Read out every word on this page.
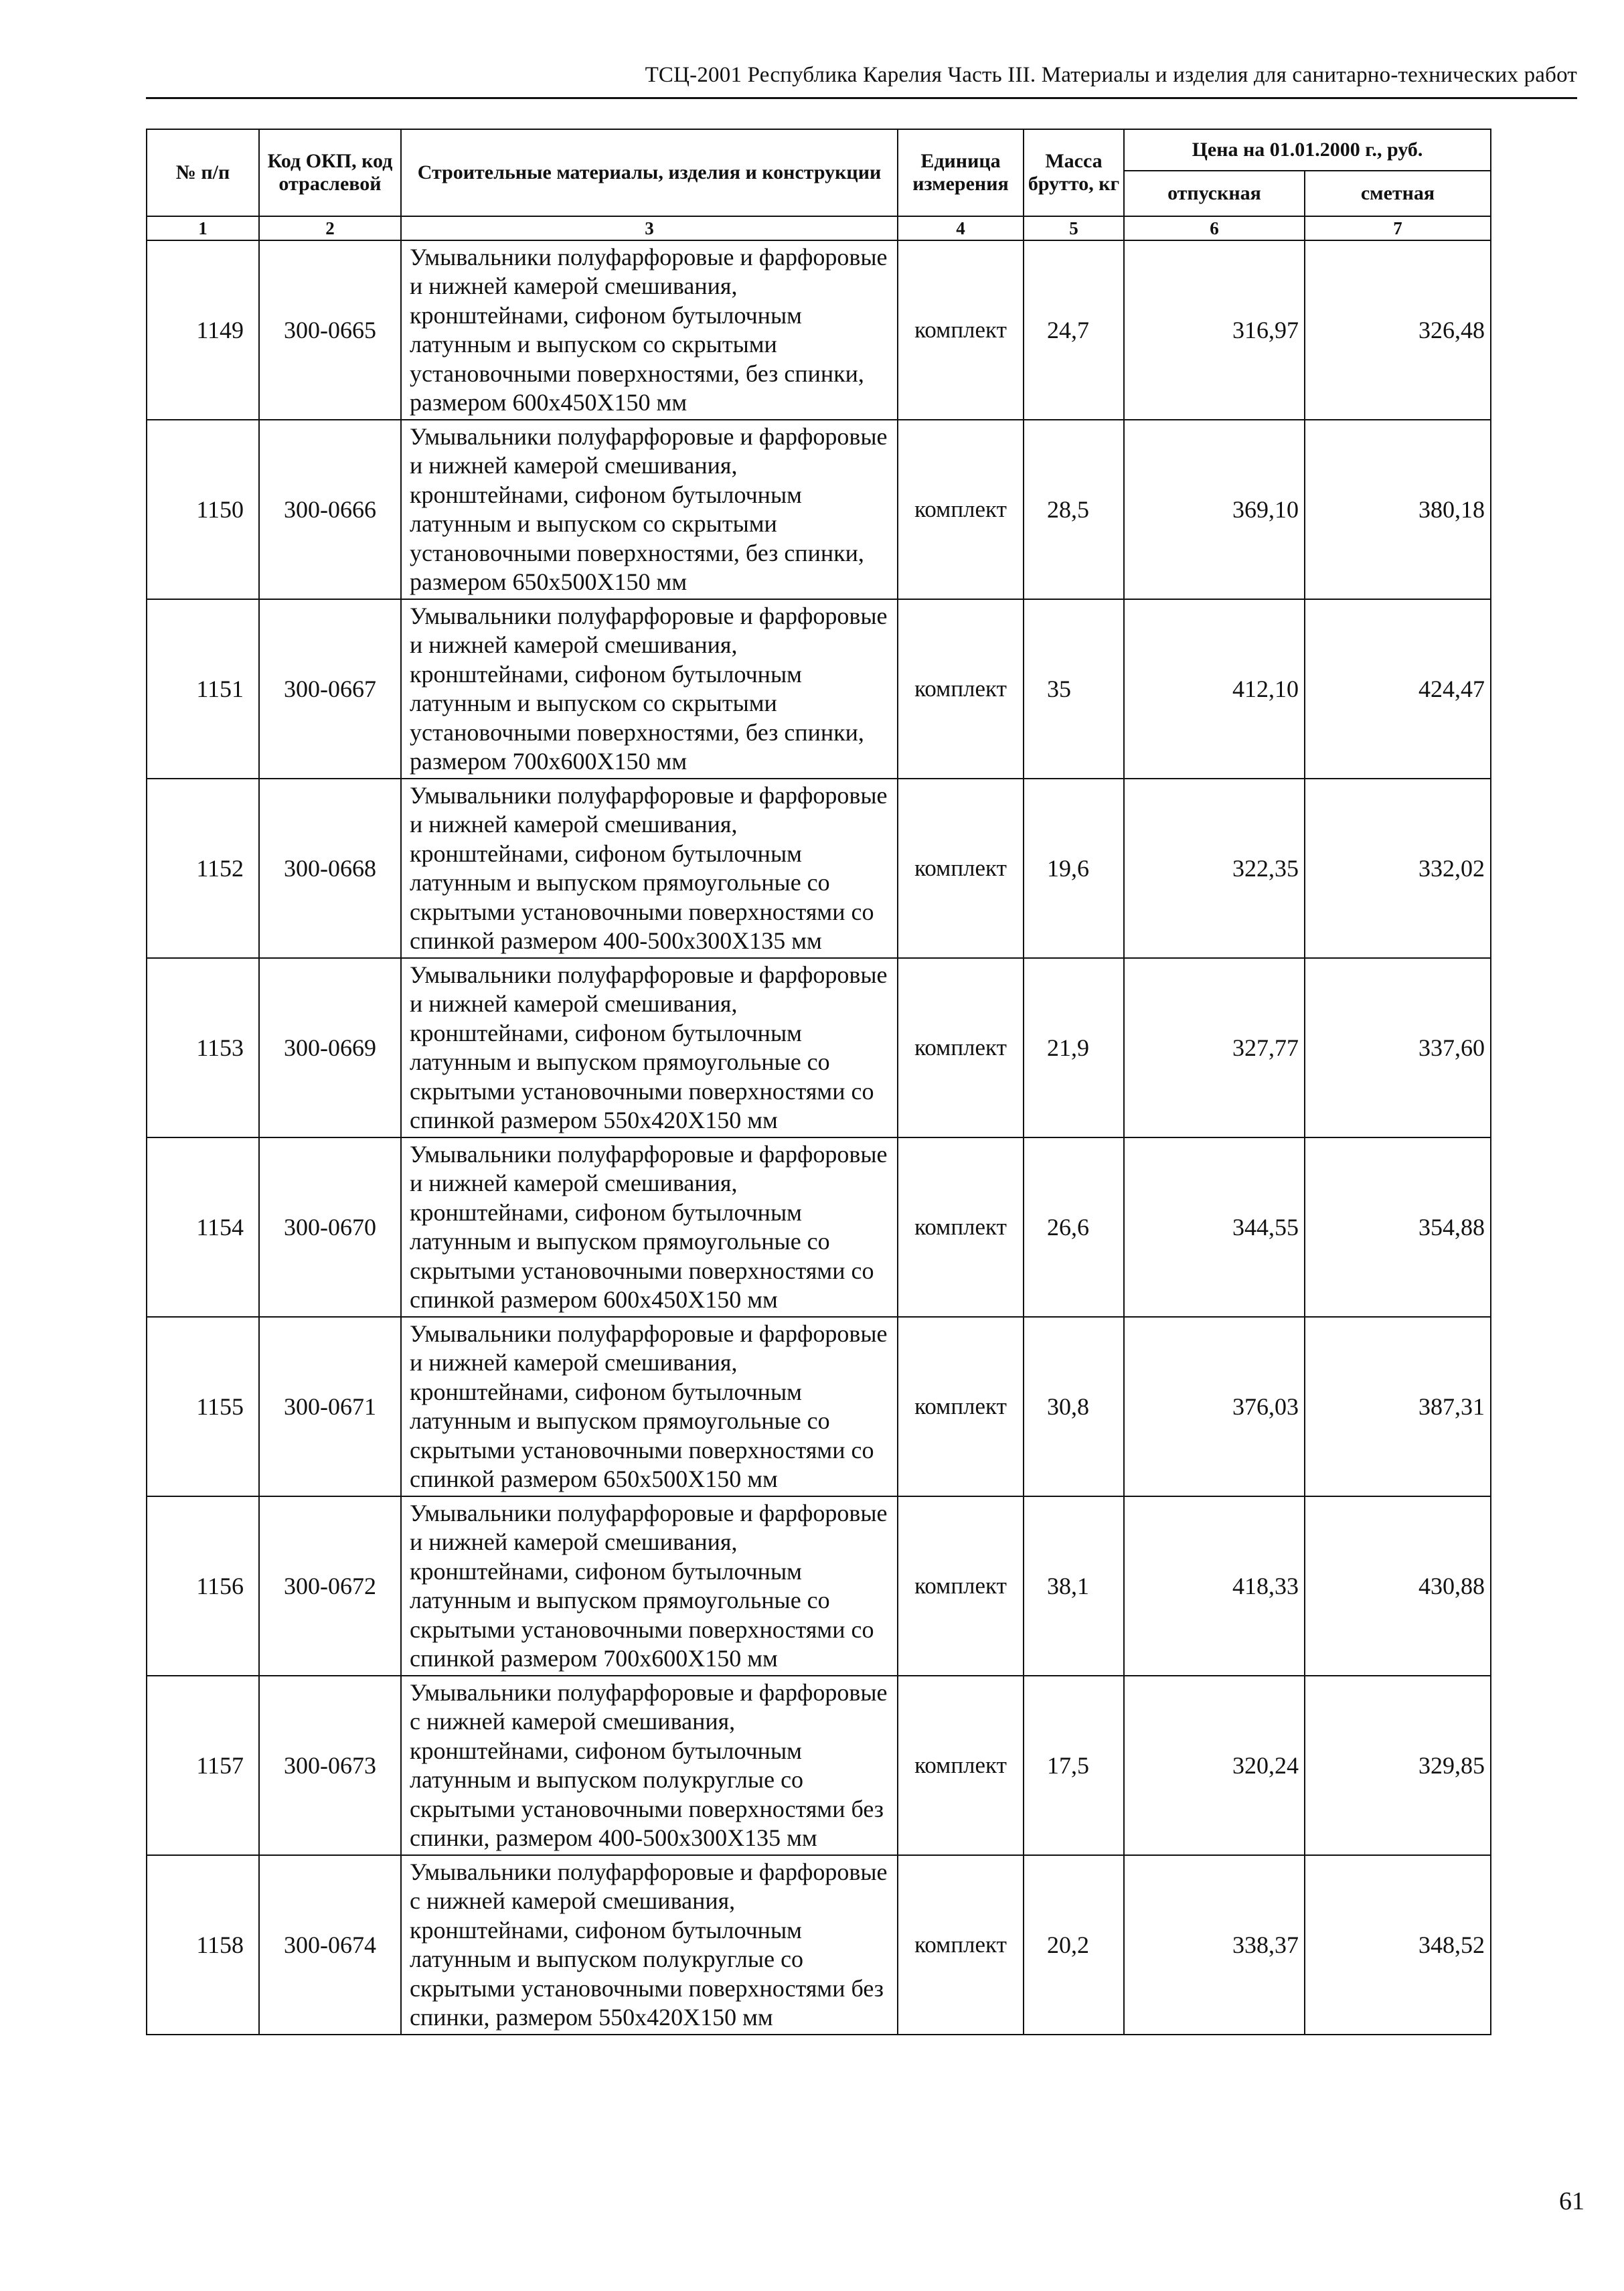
ТСЦ-2001 Республика Карелия Часть III. Материалы и изделия для санитарно-технических работ
№ п/п	Код ОКП, код отраслевой	Строительные материалы, изделия и конструкции	Единица измерения	Масса брутто, кг	Цена на 01.01.2000 г., руб.	
					отпускная	сметная
1	2	3	4	5	6	7
1149	300-0665	Умывальники полуфарфоровые и фарфоровые и нижней камерой смешивания, кронштейнами, сифоном бутылочным латунным и выпуском со скрытыми установочными поверхностями, без спинки, размером 600х450Х150 мм	комплект	24,7	316,97	326,48
1150	300-0666	Умывальники полуфарфоровые и фарфоровые и нижней камерой смешивания, кронштейнами, сифоном бутылочным латунным и выпуском со скрытыми установочными поверхностями, без спинки, размером 650х500Х150 мм	комплект	28,5	369,10	380,18
1151	300-0667	Умывальники полуфарфоровые и фарфоровые и нижней камерой смешивания, кронштейнами, сифоном бутылочным латунным и выпуском со скрытыми установочными поверхностями, без спинки, размером 700х600Х150 мм	комплект	35	412,10	424,47
1152	300-0668	Умывальники полуфарфоровые и фарфоровые и нижней камерой смешивания, кронштейнами, сифоном бутылочным латунным и выпуском прямоугольные со скрытыми установочными поверхностями со спинкой размером 400-500х300Х135 мм	комплект	19,6	322,35	332,02
1153	300-0669	Умывальники полуфарфоровые и фарфоровые и нижней камерой смешивания, кронштейнами, сифоном бутылочным латунным и выпуском прямоугольные со скрытыми установочными поверхностями со спинкой размером 550х420Х150 мм	комплект	21,9	327,77	337,60
1154	300-0670	Умывальники полуфарфоровые и фарфоровые и нижней камерой смешивания, кронштейнами, сифоном бутылочным латунным и выпуском прямоугольные со скрытыми установочными поверхностями со спинкой размером 600х450Х150 мм	комплект	26,6	344,55	354,88
1155	300-0671	Умывальники полуфарфоровые и фарфоровые и нижней камерой смешивания, кронштейнами, сифоном бутылочным латунным и выпуском прямоугольные со скрытыми установочными поверхностями со спинкой размером 650х500Х150 мм	комплект	30,8	376,03	387,31
1156	300-0672	Умывальники полуфарфоровые и фарфоровые и нижней камерой смешивания, кронштейнами, сифоном бутылочным латунным и выпуском прямоугольные со скрытыми установочными поверхностями со спинкой размером 700х600Х150 мм	комплект	38,1	418,33	430,88
1157	300-0673	Умывальники полуфарфоровые и фарфоровые с нижней камерой смешивания, кронштейнами, сифоном бутылочным латунным и выпуском полукруглые со скрытыми установочными поверхностями без спинки, размером 400-500х300Х135 мм	комплект	17,5	320,24	329,85
1158	300-0674	Умывальники полуфарфоровые и фарфоровые с нижней камерой смешивания, кронштейнами, сифоном бутылочным латунным и выпуском полукруглые со скрытыми установочными поверхностями без спинки, размером 550х420Х150 мм	комплект	20,2	338,37	348,52
61
